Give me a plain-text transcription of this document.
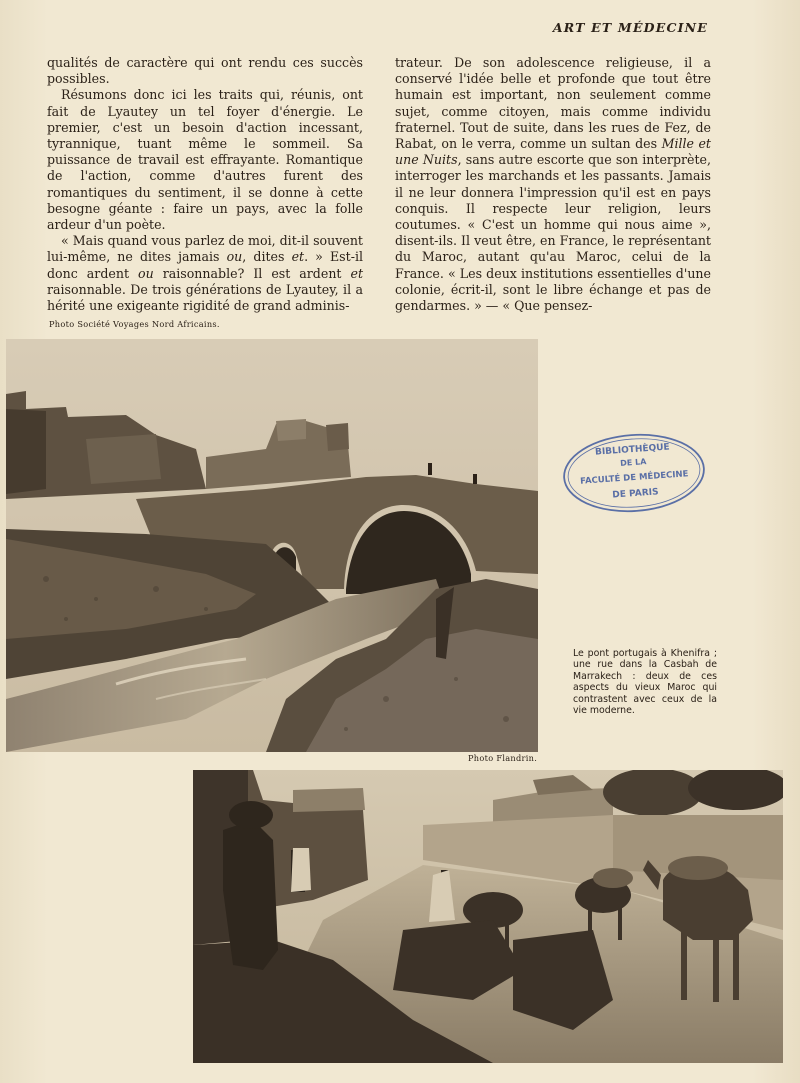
ART ET MÉDECINE

qualités de caractère qui ont rendu ces succès possibles.

Résumons donc ici les traits qui, réunis, ont fait de Lyautey un tel foyer d'énergie. Le premier, c'est un besoin d'action incessant, tyrannique, tuant même le sommeil. Sa puissance de travail est effrayante. Romantique de l'action, comme d'autres furent des romantiques du sentiment, il se donne à cette besogne géante : faire un pays, avec la folle ardeur d'un poète.

« Mais quand vous parlez de moi, dit-il souvent lui-même, ne dites jamais ou, dites et. » Est-il donc ardent ou raisonnable? Il est ardent et raisonnable. De trois générations de Lyautey, il a hérité une exigeante rigidité de grand adminis-

trateur. De son adolescence religieuse, il a conservé l'idée belle et profonde que tout être humain est important, non seulement comme sujet, comme citoyen, mais comme individu fraternel. Tout de suite, dans les rues de Fez, de Rabat, on le verra, comme un sultan des Mille et une Nuits, sans autre escorte que son interprète, interroger les marchands et les passants. Jamais il ne leur donnera l'impression qu'il est en pays conquis. Il respecte leur religion, leurs coutumes. « C'est un homme qui nous aime », disent-ils. Il veut être, en France, le représentant du Maroc, autant qu'au Maroc, celui de la France. « Les deux institutions essentielles d'une colonie, écrit-il, sont le libre échange et pas de gendarmes. » — « Que pensez-

Photo Société Voyages Nord Africains.
BIBLIOTHÈQUE
DE LA
FACULTÉ DE MÉDECINE
DE PARIS
Le pont portugais à Khenifra ; une rue dans la Casbah de Marrakech : deux de ces aspects du vieux Maroc qui contrastent avec ceux de la vie moderne.
Photo Flandrin.
